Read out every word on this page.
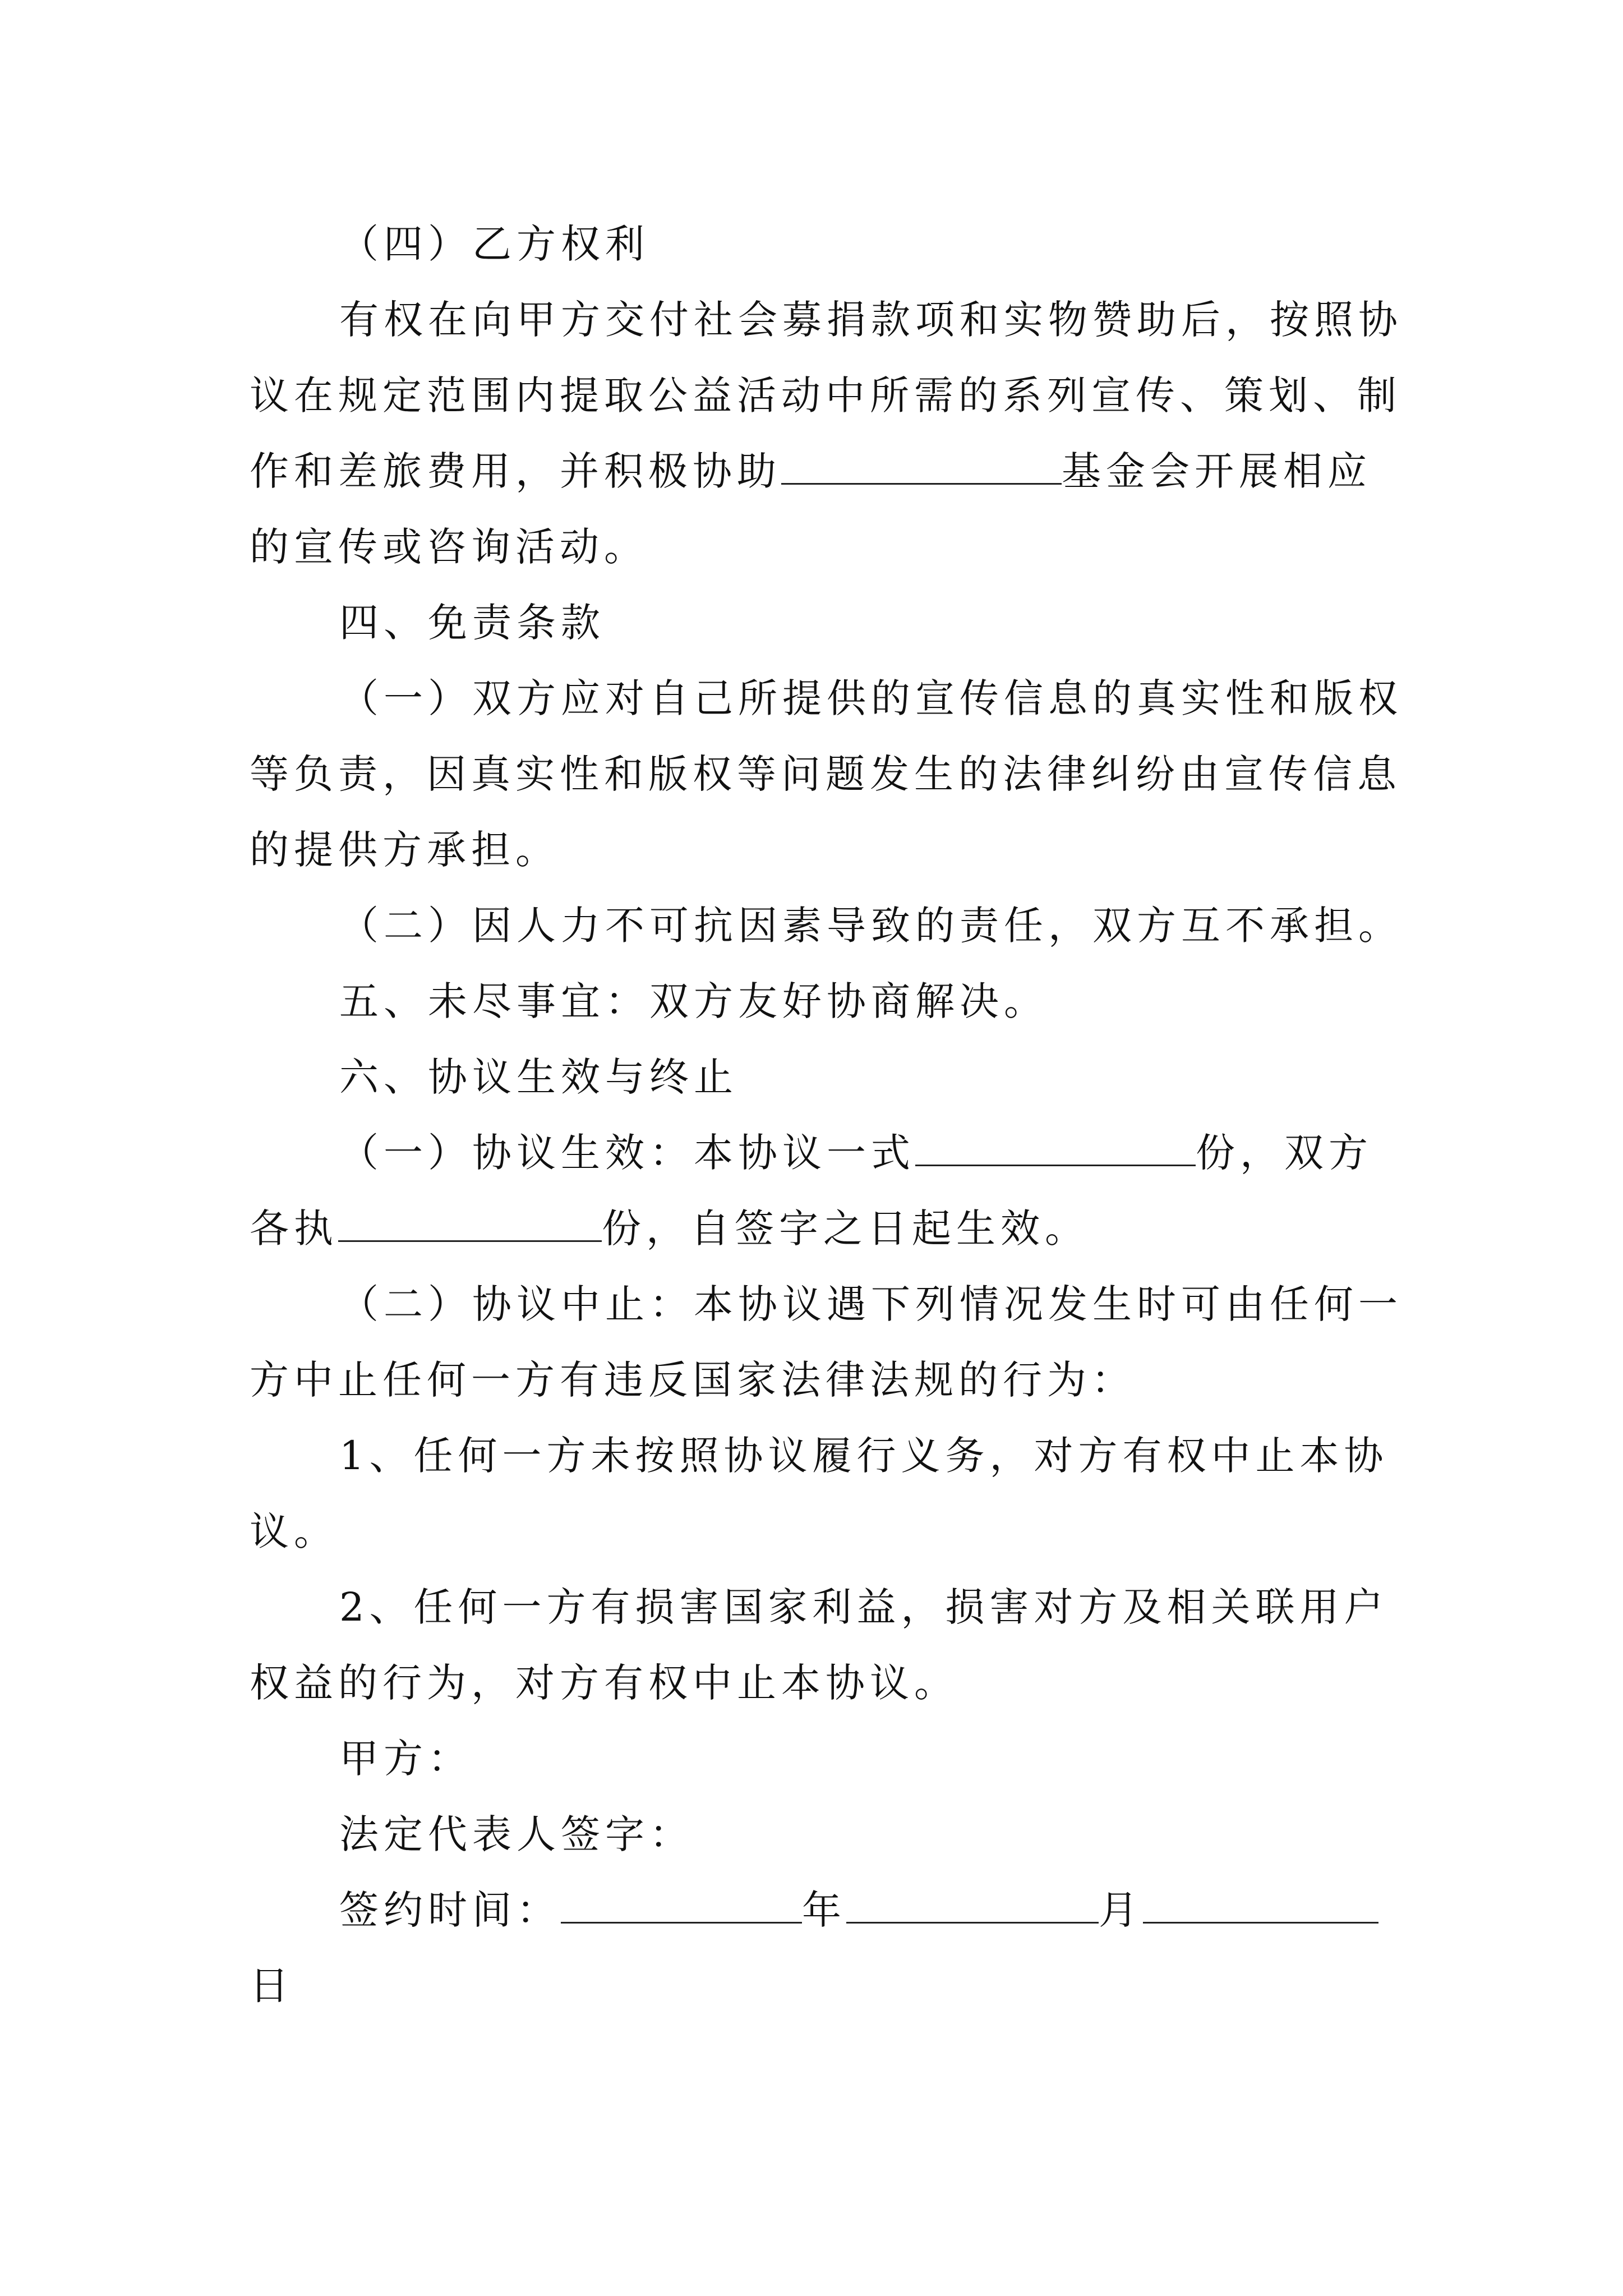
（四）乙方权利
有权在向甲方交付社会募捐款项和实物赞助后，按照协
议在规定范围内提取公益活动中所需的系列宣传、策划、制
作和差旅费用，并积极协助	基金会开展相应
的宣传或咨询活动。
四、免责条款
（一）双方应对自己所提供的宣传信息的真实性和版权
等负责，因真实性和版权等问题发生的法律纠纷由宣传信息
的提供方承担。
（二）因人力不可抗因素导致的责任，双方互不承担。
五、未尽事宜：双方友好协商解决。
六、协议生效与终止
（一）协议生效：本协议一式	份，双方
各执	份，自签字之日起生效。
（二）协议中止：本协议遇下列情况发生时可由任何一
方中止任何一方有违反国家法律法规的行为：
1、任何一方未按照协议履行义务，对方有权中止本协
议。
2、任何一方有损害国家利益，损害对方及相关联用户
权益的行为，对方有权中止本协议。
甲方：
法定代表人签字：
签约时间：	年	月
日
